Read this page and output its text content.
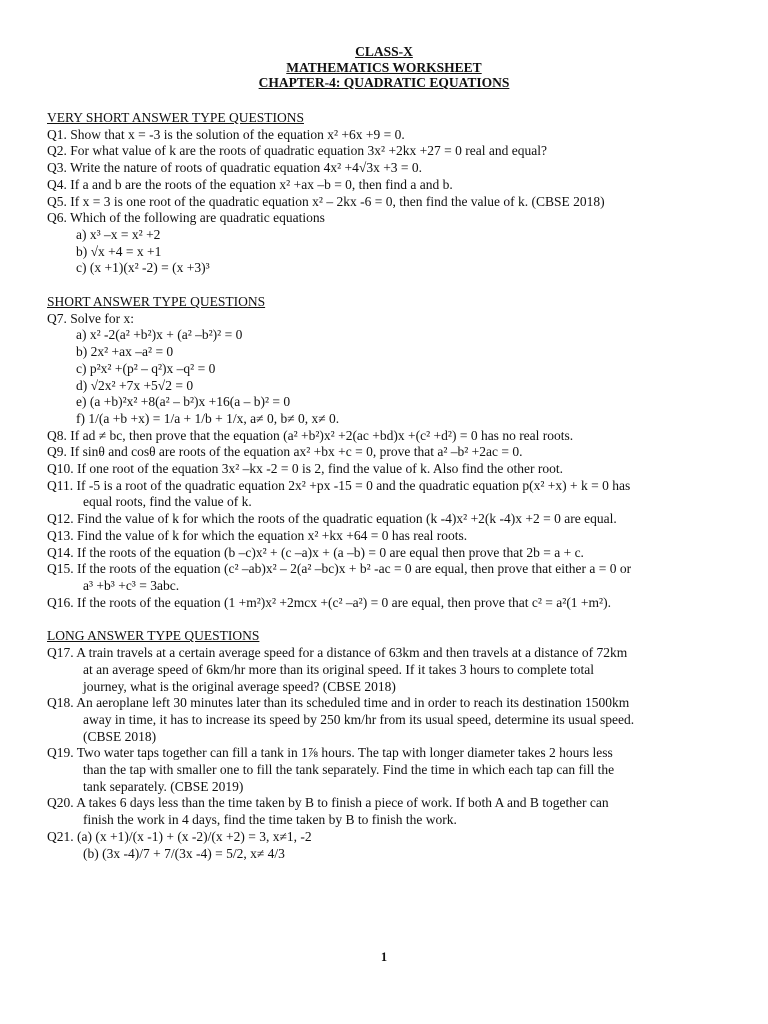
CLASS-X
MATHEMATICS WORKSHEET
CHAPTER-4: QUADRATIC EQUATIONS

VERY SHORT ANSWER TYPE QUESTIONS

Q1. Show that x = -3 is the solution of the equation x² +6x +9 = 0.

Q2. For what value of k are the roots of quadratic equation 3x² +2kx +27 = 0 real and equal?

Q3. Write the nature of roots of quadratic equation 4x² +4√3x +3 = 0.

Q4. If a and b are the roots of the equation x² +ax –b = 0, then find a and b.

Q5. If x = 3 is one root of the quadratic equation x² – 2kx -6 = 0, then find the value of k. (CBSE 2018)

Q6. Which of the following are quadratic equations

a) x³ –x = x² +2

b) √x +4 = x +1

c) (x +1)(x² -2) = (x +3)³

SHORT ANSWER TYPE QUESTIONS

Q7. Solve for x:

a) x² -2(a² +b²)x + (a² –b²)² = 0

b) 2x² +ax –a² = 0

c) p²x² +(p² – q²)x –q² = 0

d) √2x² +7x +5√2 = 0

e) (a +b)²x² +8(a² – b²)x +16(a – b)² = 0

f) 1/(a +b +x) = 1/a + 1/b + 1/x, a≠ 0, b≠ 0, x≠ 0.

Q8. If ad ≠ bc, then prove that the equation (a² +b²)x² +2(ac +bd)x +(c² +d²) = 0 has no real roots.

Q9. If sinθ and cosθ are roots of the equation ax² +bx +c = 0, prove that a² –b² +2ac = 0.

Q10. If one root of the equation 3x² –kx -2 = 0 is 2, find the value of k. Also find the other root.

Q11. If -5 is a root of the quadratic equation 2x² +px -15 = 0 and the quadratic equation p(x² +x) + k = 0 has

equal roots, find the value of k.

Q12. Find the value of k for which the roots of the quadratic equation (k -4)x² +2(k -4)x +2 = 0 are equal.

Q13. Find the value of k for which the equation x² +kx +64 = 0 has real roots.

Q14. If the roots of the equation (b –c)x² + (c –a)x + (a –b) = 0 are equal then prove that 2b = a + c.

Q15. If the roots of the equation (c² –ab)x² – 2(a² –bc)x + b² -ac = 0 are equal, then prove that either a = 0 or

a³ +b³ +c³ = 3abc.

Q16. If the roots of the equation (1 +m²)x² +2mcx +(c² –a²) = 0 are equal, then prove that c² = a²(1 +m²).

LONG ANSWER TYPE QUESTIONS

Q17. A train travels at a certain average speed for a distance of 63km and then travels at a distance of 72km

at an average speed of 6km/hr more than its original speed. If it takes 3 hours to complete total

journey, what is the original average speed? (CBSE 2018)

Q18. An aeroplane left 30 minutes later than its scheduled time and in order to reach its destination 1500km

away in time, it has to increase its speed by 250 km/hr from its usual speed, determine its usual speed.

(CBSE 2018)

Q19. Two water taps together can fill a tank in 1⅞ hours. The tap with longer diameter takes 2 hours less

than the tap with smaller one to fill the tank separately. Find the time in which each tap can fill the

tank separately. (CBSE 2019)

Q20. A takes 6 days less than the time taken by B to finish a piece of work. If both A and B together can

finish the work in 4 days, find the time taken by B to finish the work.

Q21. (a) (x +1)/(x -1) + (x -2)/(x +2) = 3, x≠1, -2

(b) (3x -4)/7 + 7/(3x -4) = 5/2, x≠ 4/3

1
